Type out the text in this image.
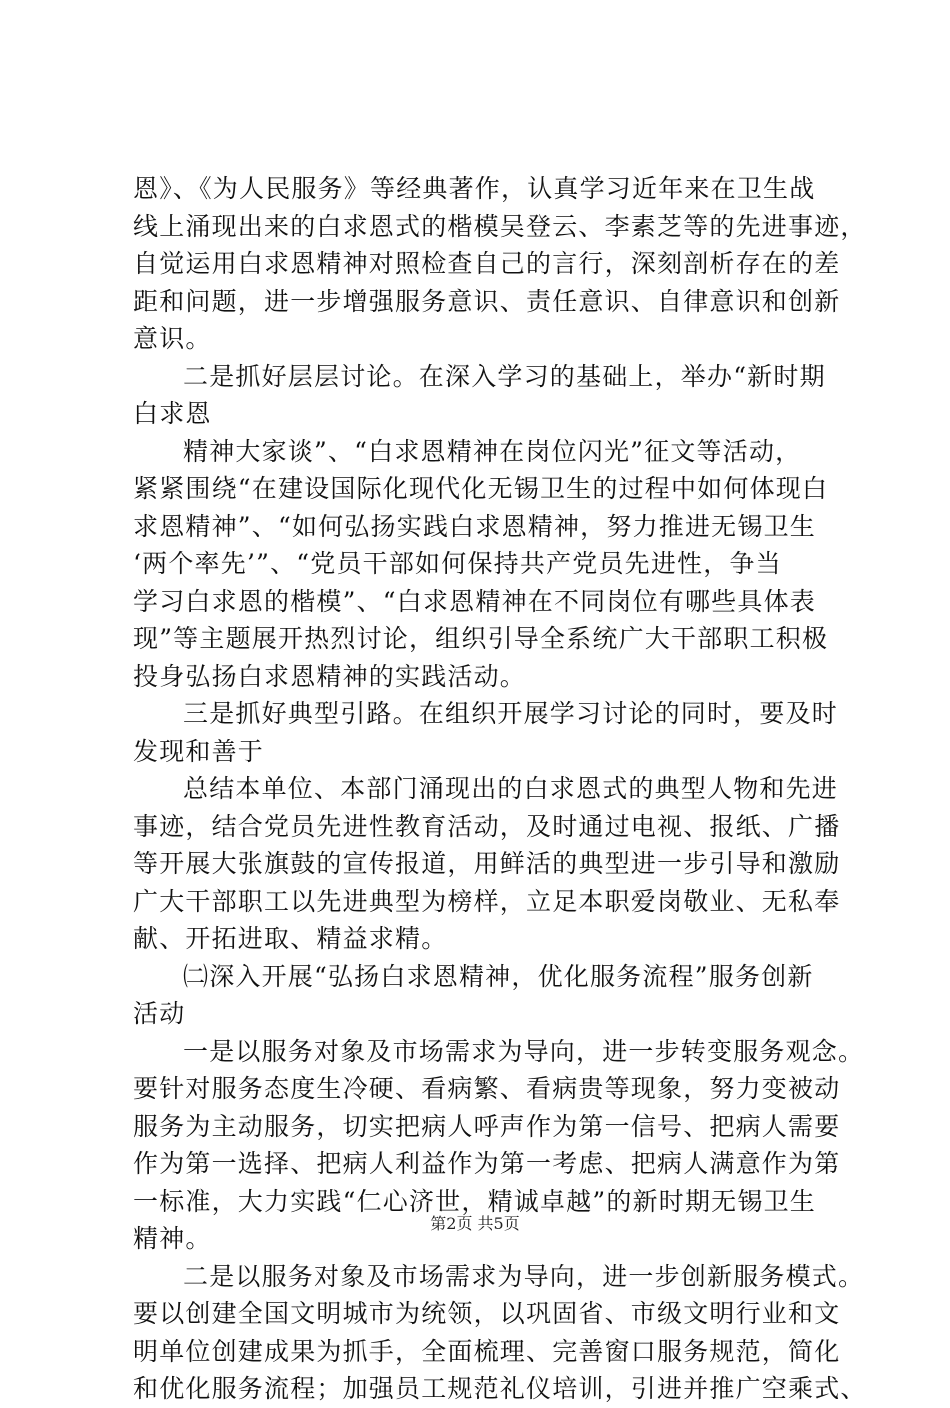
恩》、《为人民服务》等经典著作，认真学习近年来在卫生战
线上涌现出来的白求恩式的楷模吴登云、李素芝等的先进事迹，
自觉运用白求恩精神对照检查自己的言行，深刻剖析存在的差
距和问题，进一步增强服务意识、责任意识、自律意识和创新
意识。
二是抓好层层讨论。在深入学习的基础上，举办“新时期
白求恩
精神大家谈”、“白求恩精神在岗位闪光”征文等活动，
紧紧围绕“在建设国际化现代化无锡卫生的过程中如何体现白
求恩精神”、“如何弘扬实践白求恩精神，努力推进无锡卫生
‘两个率先’”、“党员干部如何保持共产党员先进性，争当
学习白求恩的楷模”、“白求恩精神在不同岗位有哪些具体表
现”等主题展开热烈讨论，组织引导全系统广大干部职工积极
投身弘扬白求恩精神的实践活动。
三是抓好典型引路。在组织开展学习讨论的同时，要及时
发现和善于
总结本单位、本部门涌现出的白求恩式的典型人物和先进
事迹，结合党员先进性教育活动，及时通过电视、报纸、广播
等开展大张旗鼓的宣传报道，用鲜活的典型进一步引导和激励
广大干部职工以先进典型为榜样，立足本职爱岗敬业、无私奉
献、开拓进取、精益求精。
㈡深入开展“弘扬白求恩精神，优化服务流程”服务创新
活动
一是以服务对象及市场需求为导向，进一步转变服务观念。
要针对服务态度生冷硬、看病繁、看病贵等现象，努力变被动
服务为主动服务，切实把病人呼声作为第一信号、把病人需要
作为第一选择、把病人利益作为第一考虑、把病人满意作为第
一标准，大力实践“仁心济世，精诚卓越”的新时期无锡卫生
精神。
二是以服务对象及市场需求为导向，进一步创新服务模式。
要以创建全国文明城市为统领，以巩固省、市级文明行业和文
明单位创建成果为抓手，全面梳理、完善窗口服务规范，简化
和优化服务流程；加强员工规范礼仪培训，引进并推广空乘式、
第2页 共5页
